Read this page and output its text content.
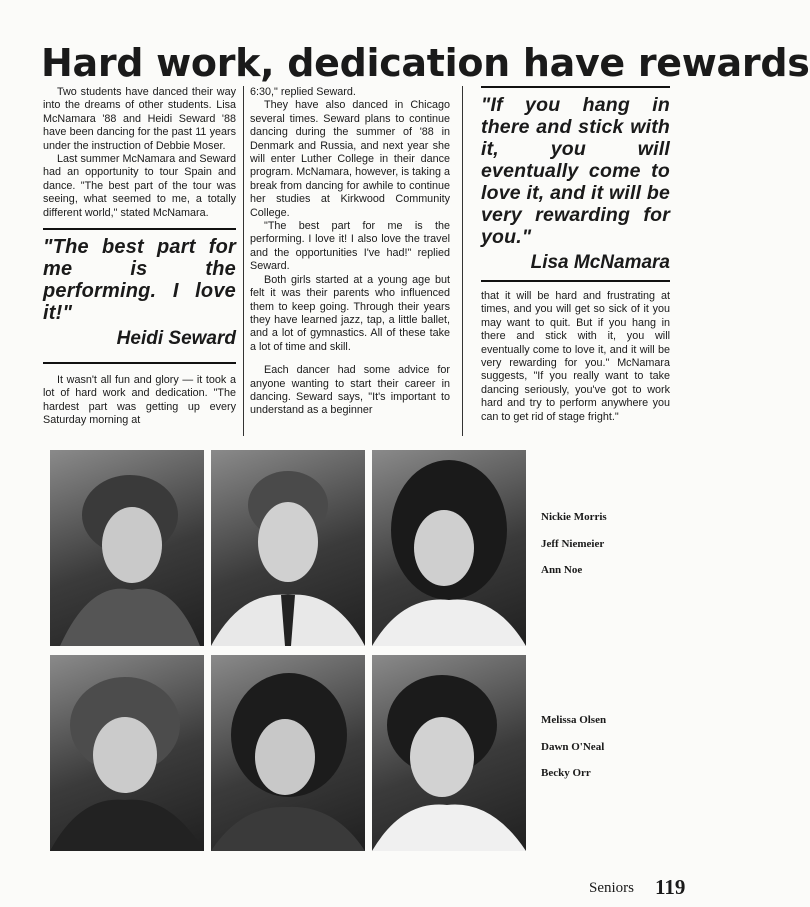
Hard work, dedication have rewards

Two students have danced their way into the dreams of other students. Lisa McNamara '88 and Heidi Seward '88 have been dancing for the past 11 years under the instruction of Debbie Moser.

Last summer McNamara and Seward had an opportunity to tour Spain and dance. "The best part of the tour was seeing, what seemed to me, a totally different world," stated McNamara.

"The best part for me is the performing. I love it!"
Heidi Seward

It wasn't all fun and glory — it took a lot of hard work and dedication. "The hardest part was getting up every Saturday morning at

6:30," replied Seward.

They have also danced in Chicago several times. Seward plans to continue dancing during the summer of '88 in Denmark and Russia, and next year she will enter Luther College in their dance program. McNamara, however, is taking a break from dancing for awhile to continue her studies at Kirkwood Community College.

"The best part for me is the performing. I love it! I also love the travel and the opportunities I've had!" replied Seward.

Both girls started at a young age but felt it was their parents who influenced them to keep going. Through their years they have learned jazz, tap, a little ballet, and a lot of gymnastics. All of these take a lot of time and skill.

Each dancer had some advice for anyone wanting to start their career in dancing. Seward says, "It's important to understand as a beginner

"If you hang in there and stick with it, you will eventually come to love it, and it will be very rewarding for you."
Lisa McNamara

that it will be hard and frustrating at times, and you will get so sick of it you may want to quit. But if you hang in there and stick with it, you will eventually come to love it, and it will be very rewarding for you." McNamara suggests, "If you really want to take dancing seriously, you've got to work hard and try to perform anywhere you can to get rid of stage fright."

Nickie Morris
Jeff Niemeier
Ann Noe
Melissa Olsen
Dawn O'Neal
Becky Orr
Seniors 119
